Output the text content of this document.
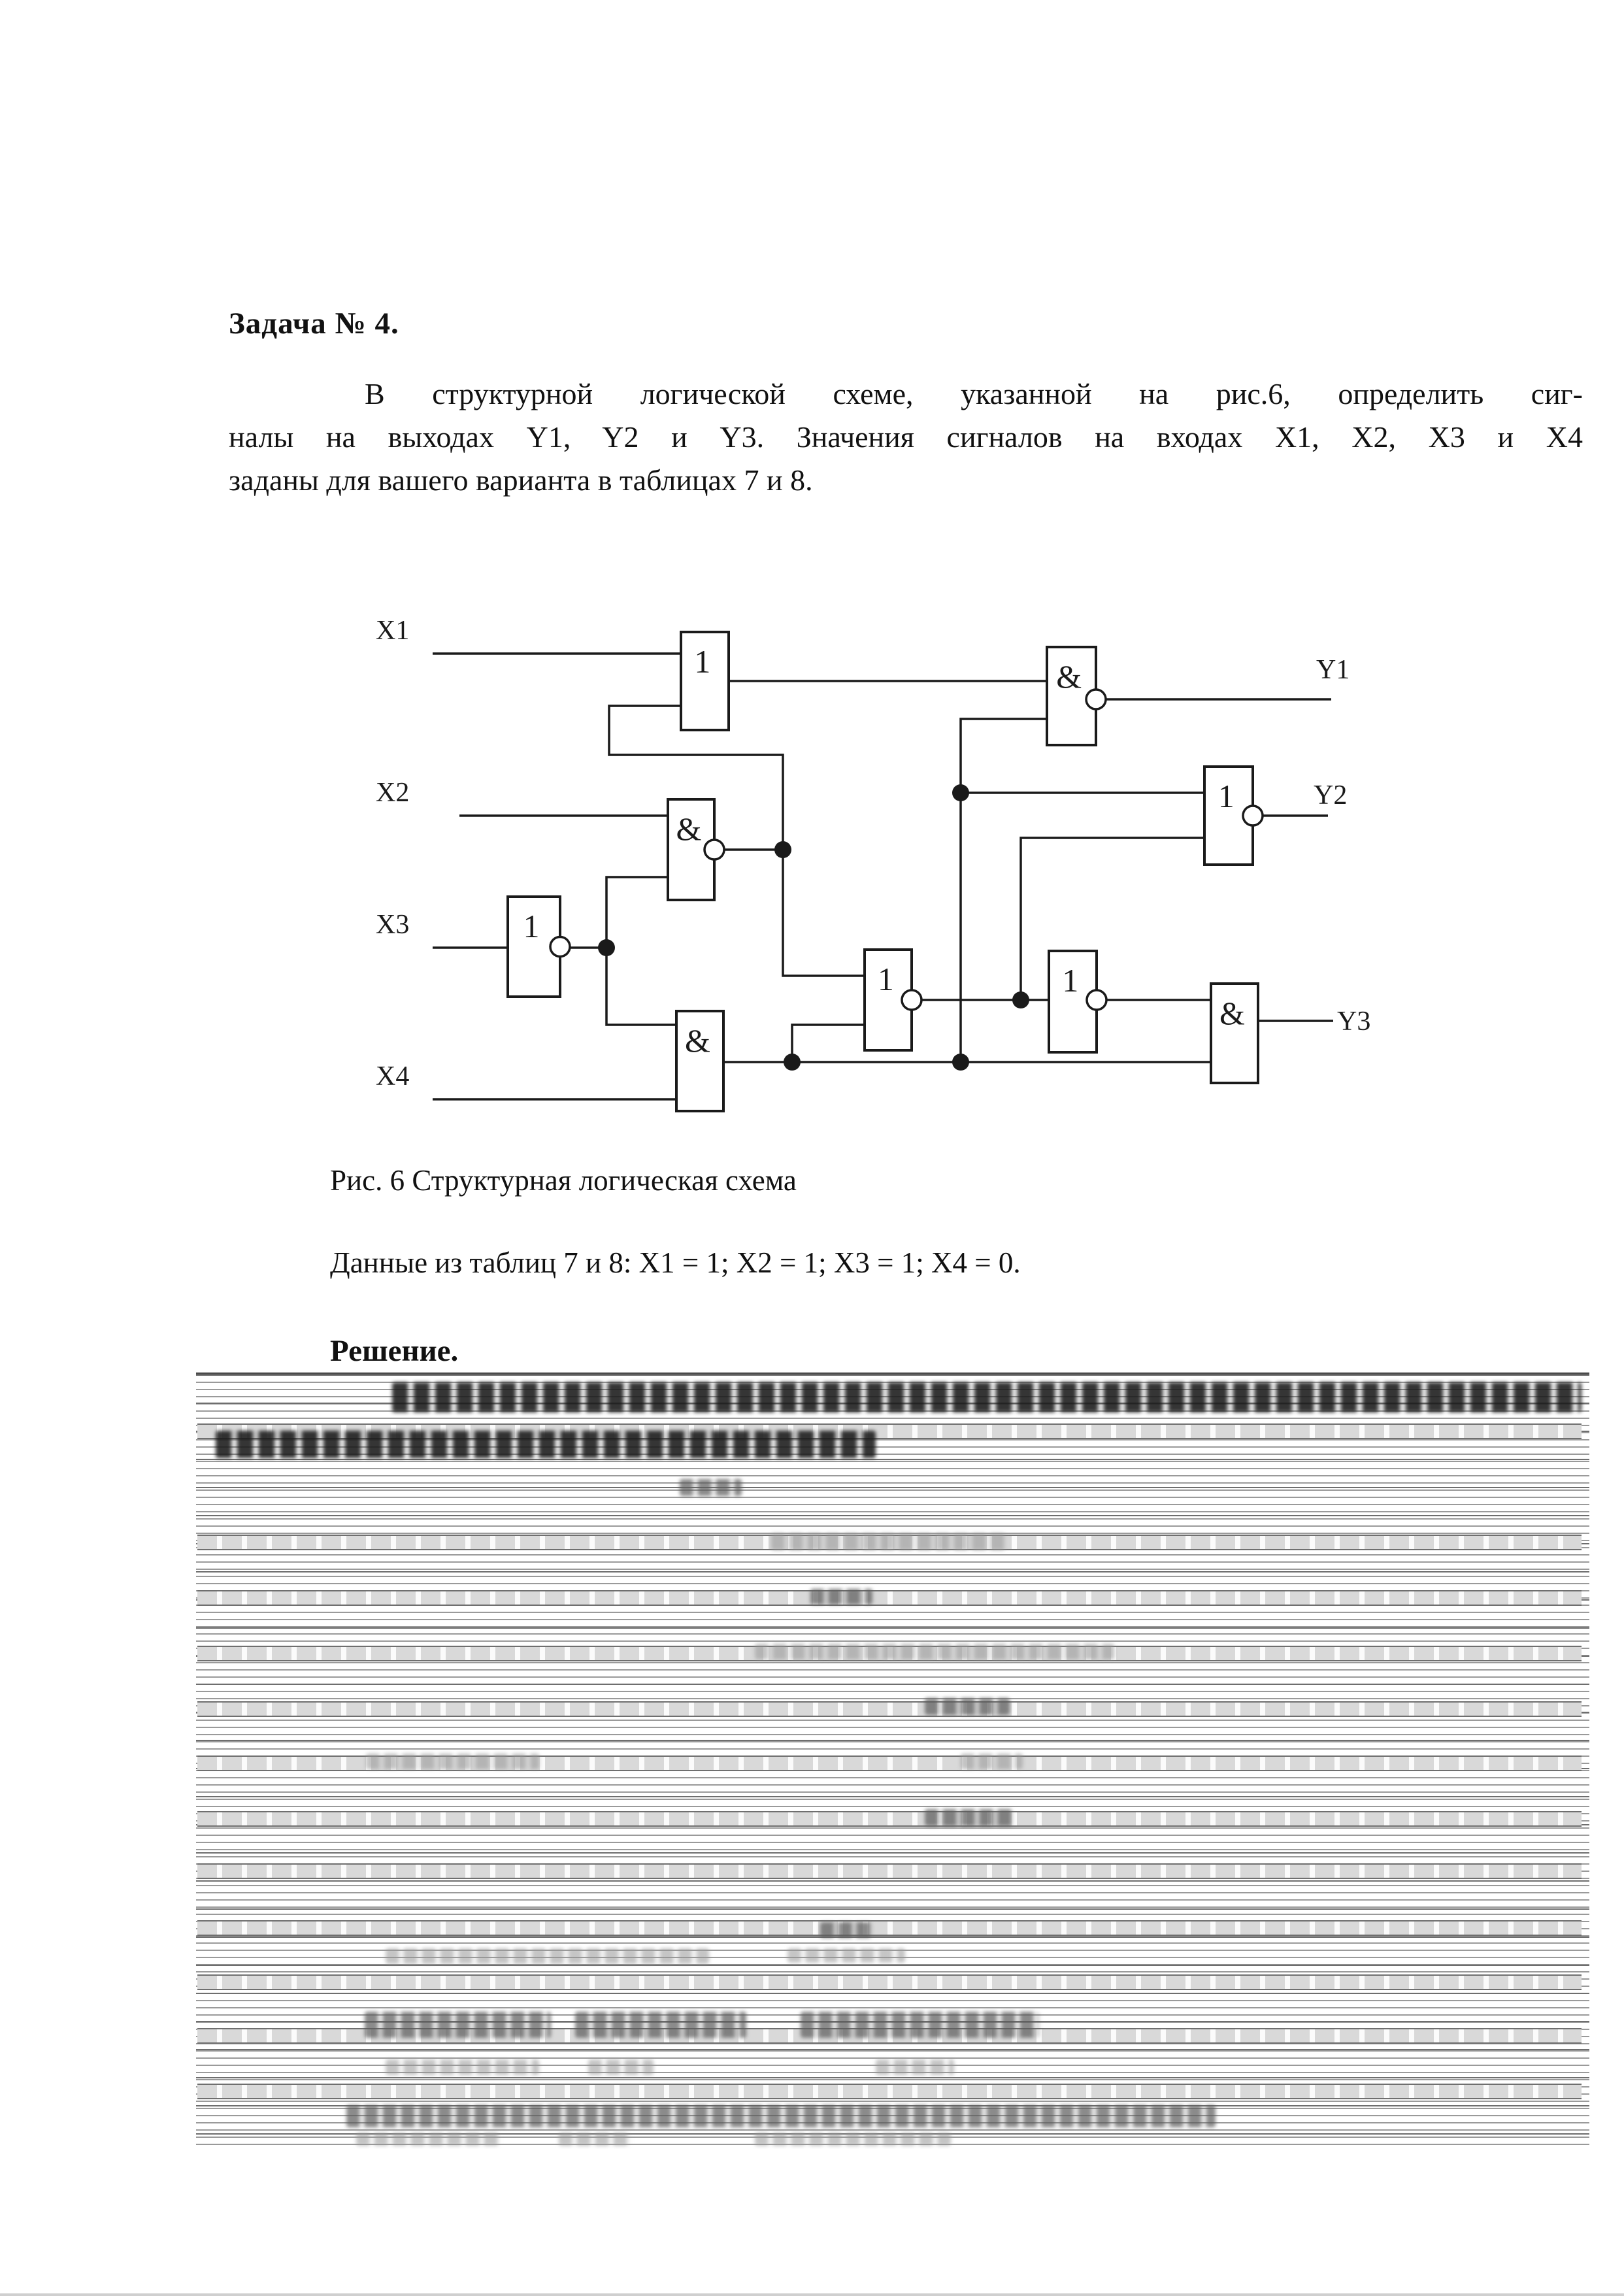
Задача № 4.
В структурной логической схеме, указанной на рис.6, определить сиг-
налы на выходах Y1, Y2 и Y3. Значения сигналов на входах X1, X2, X3 и X4
заданы для вашего варианта в таблицах 7 и 8.
1
&
1
&
&
1
1	1
&
X1
X2
X3
X4
Y1
Y2
Y3
Рис. 6 Структурная логическая схема
Данные из таблиц 7 и 8: X1 = 1; X2 = 1; X3 = 1; X4 = 0.
Решение.
